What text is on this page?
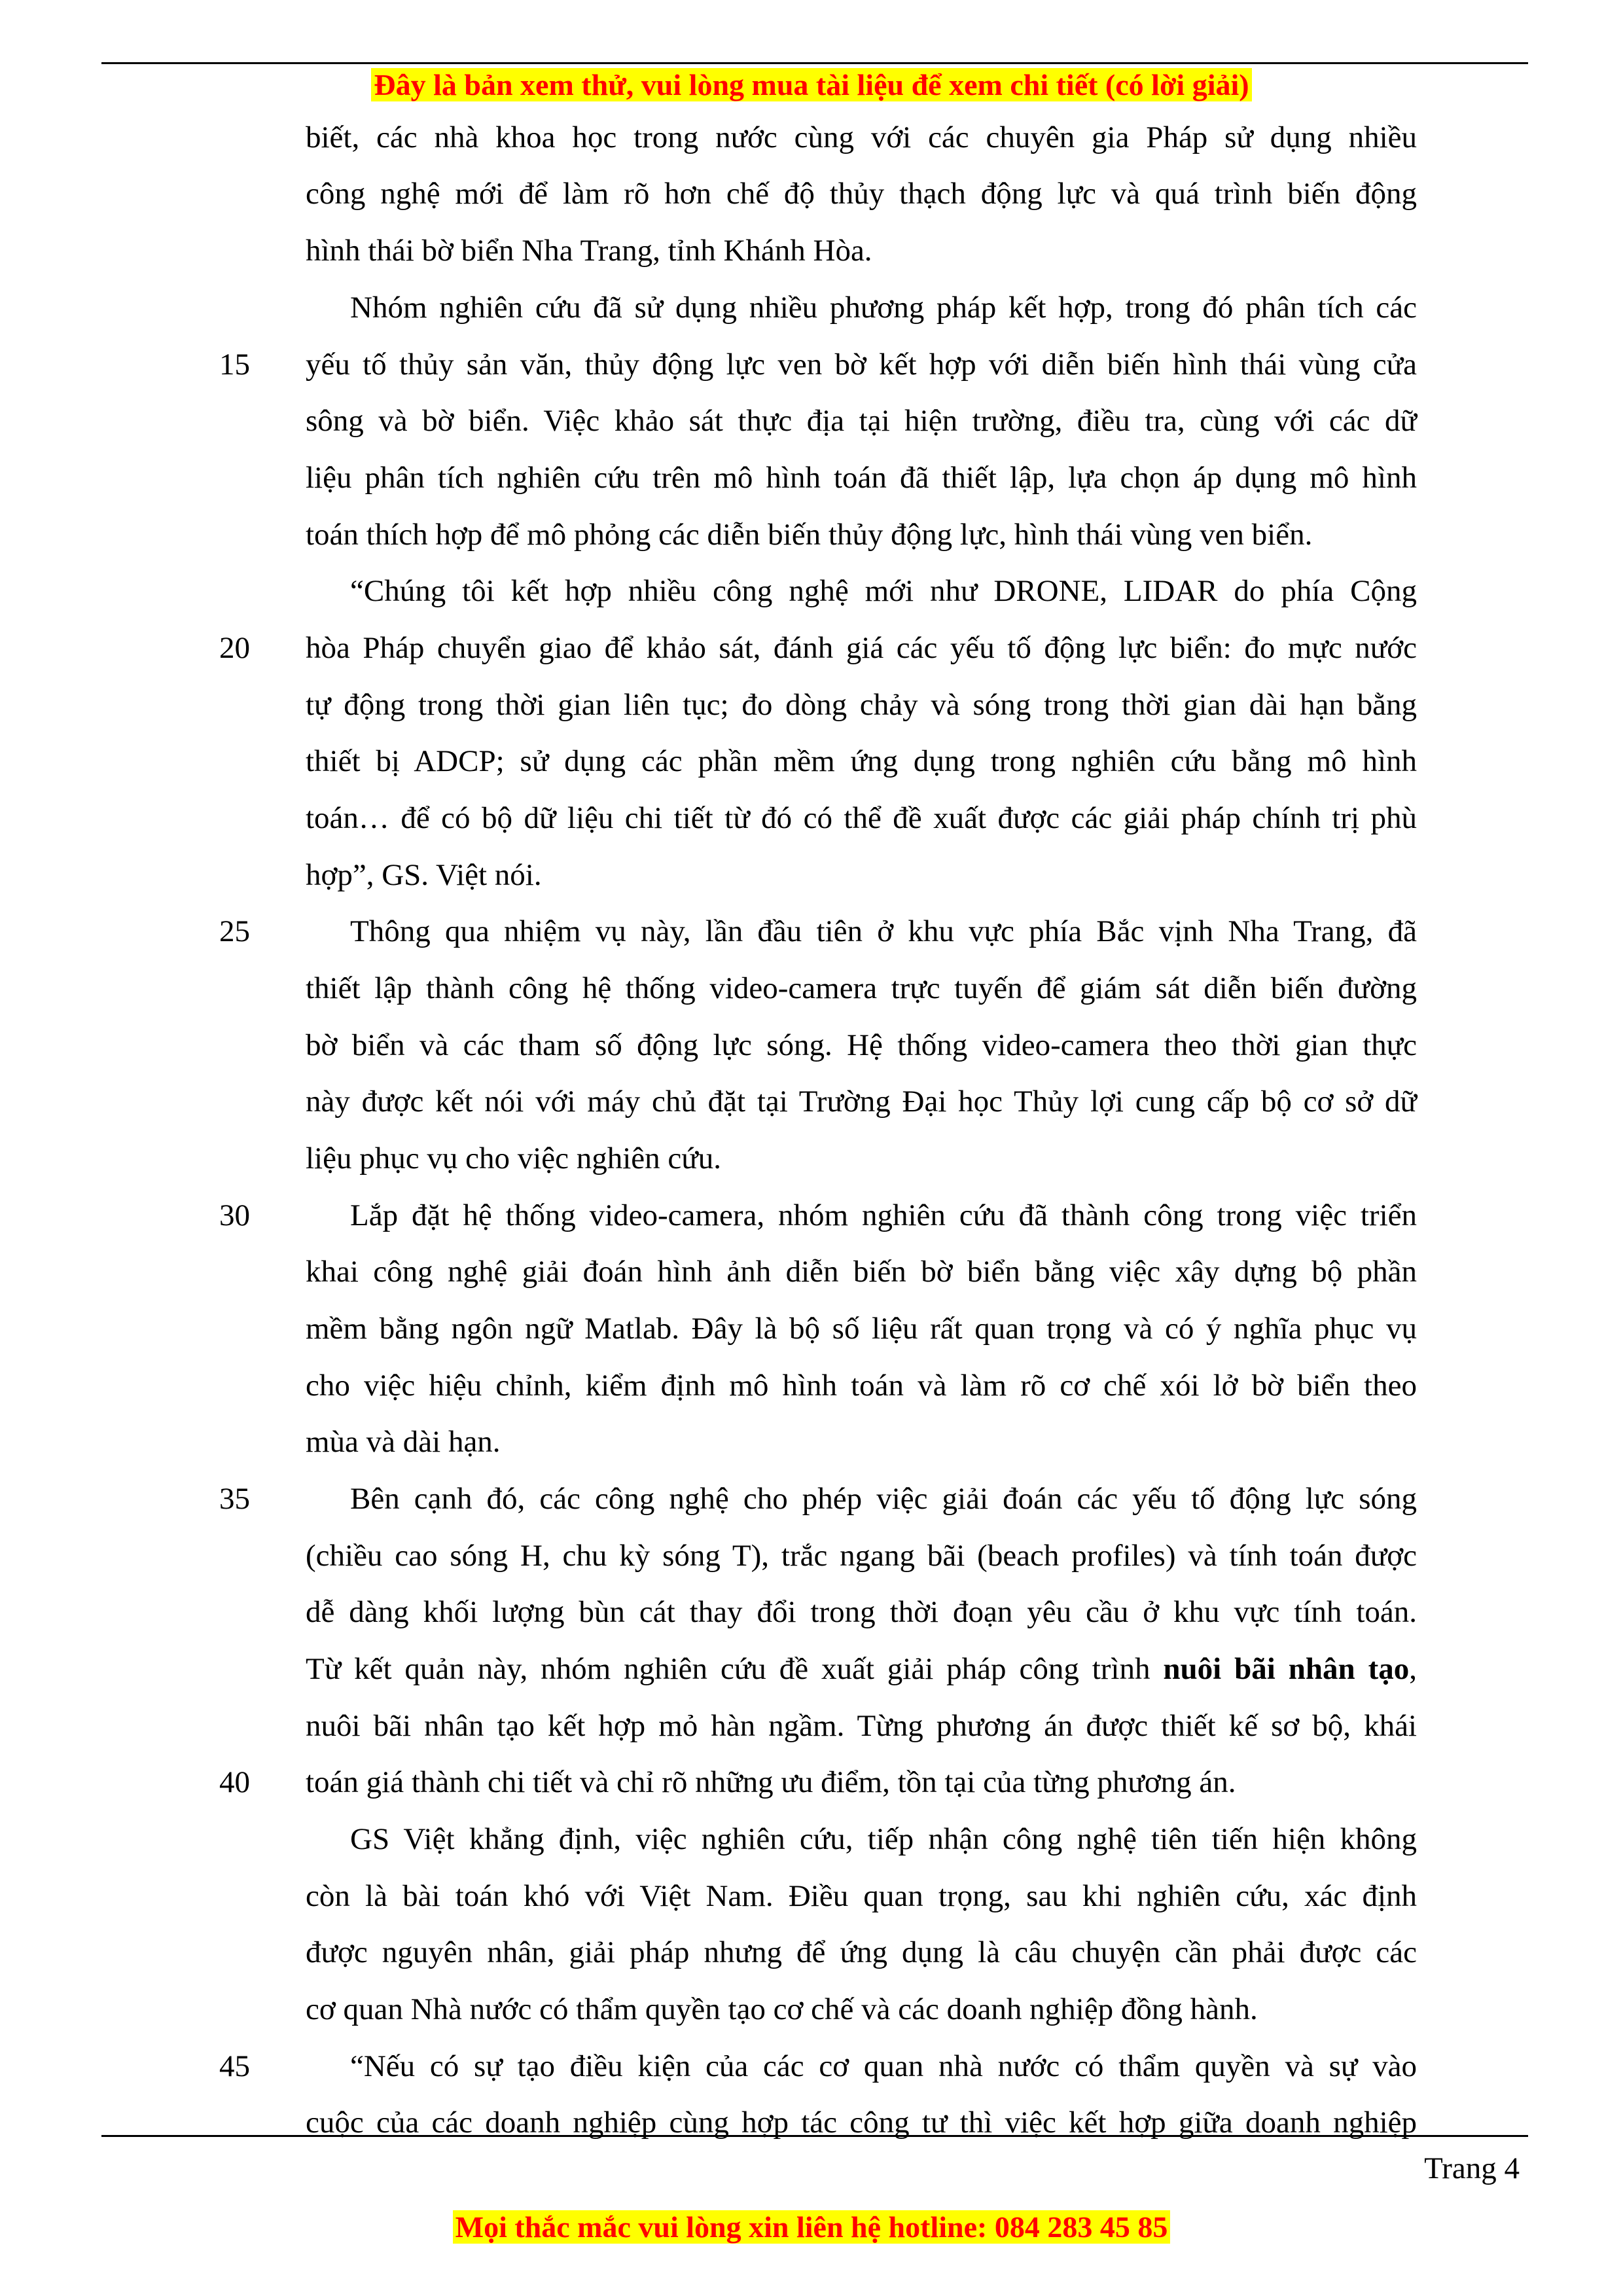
Đây là bản xem thử, vui lòng mua tài liệu để xem chi tiết (có lời giải)
biết, các nhà khoa học trong nước cùng với các chuyên gia Pháp sử dụng nhiều
công nghệ mới để làm rõ hơn chế độ thủy thạch động lực và quá trình biến động
hình thái bờ biển Nha Trang, tỉnh Khánh Hòa.
Nhóm nghiên cứu đã sử dụng nhiều phương pháp kết hợp, trong đó phân tích các
15	yếu tố thủy sản văn, thủy động lực ven bờ kết hợp với diễn biến hình thái vùng cửa
sông và bờ biển. Việc khảo sát thực địa tại hiện trường, điều tra, cùng với các dữ
liệu phân tích nghiên cứu trên mô hình toán đã thiết lập, lựa chọn áp dụng mô hình
toán thích hợp để mô phỏng các diễn biến thủy động lực, hình thái vùng ven biển.
“Chúng tôi kết hợp nhiều công nghệ mới như DRONE, LIDAR do phía Cộng
20	hòa Pháp chuyển giao để khảo sát, đánh giá các yếu tố động lực biển: đo mực nước
tự động trong thời gian liên tục; đo dòng chảy và sóng trong thời gian dài hạn bằng
thiết bị ADCP; sử dụng các phần mềm ứng dụng trong nghiên cứu bằng mô hình
toán… để có bộ dữ liệu chi tiết từ đó có thể đề xuất được các giải pháp chính trị phù
hợp”, GS. Việt nói.
25	Thông qua nhiệm vụ này, lần đầu tiên ở khu vực phía Bắc vịnh Nha Trang, đã
thiết lập thành công hệ thống video-camera trực tuyến để giám sát diễn biến đường
bờ biển và các tham số động lực sóng. Hệ thống video-camera theo thời gian thực
này được kết nói với máy chủ đặt tại Trường Đại học Thủy lợi cung cấp bộ cơ sở dữ
liệu phục vụ cho việc nghiên cứu.
30	Lắp đặt hệ thống video-camera, nhóm nghiên cứu đã thành công trong việc triển
khai công nghệ giải đoán hình ảnh diễn biến bờ biển bằng việc xây dựng bộ phần
mềm bằng ngôn ngữ Matlab. Đây là bộ số liệu rất quan trọng và có ý nghĩa phục vụ
cho việc hiệu chỉnh, kiểm định mô hình toán và làm rõ cơ chế xói lở bờ biển theo
mùa và dài hạn.
35	Bên cạnh đó, các công nghệ cho phép việc giải đoán các yếu tố động lực sóng
(chiều cao sóng H, chu kỳ sóng T), trắc ngang bãi (beach profiles) và tính toán được
dễ dàng khối lượng bùn cát thay đổi trong thời đoạn yêu cầu ở khu vực tính toán.
Từ kết quản này, nhóm nghiên cứu đề xuất giải pháp công trình nuôi bãi nhân tạo,
nuôi bãi nhân tạo kết hợp mỏ hàn ngầm. Từng phương án được thiết kế sơ bộ, khái
40	toán giá thành chi tiết và chỉ rõ những ưu điểm, tồn tại của từng phương án.
GS Việt khẳng định, việc nghiên cứu, tiếp nhận công nghệ tiên tiến hiện không
còn là bài toán khó với Việt Nam. Điều quan trọng, sau khi nghiên cứu, xác định
được nguyên nhân, giải pháp nhưng để ứng dụng là câu chuyện cần phải được các
cơ quan Nhà nước có thẩm quyền tạo cơ chế và các doanh nghiệp đồng hành.
45	“Nếu có sự tạo điều kiện của các cơ quan nhà nước có thẩm quyền và sự vào
cuộc của các doanh nghiệp cùng hợp tác công tư thì việc kết hợp giữa doanh nghiệp
Trang 4
Mọi thắc mắc vui lòng xin liên hệ hotline: 084 283 45 85
